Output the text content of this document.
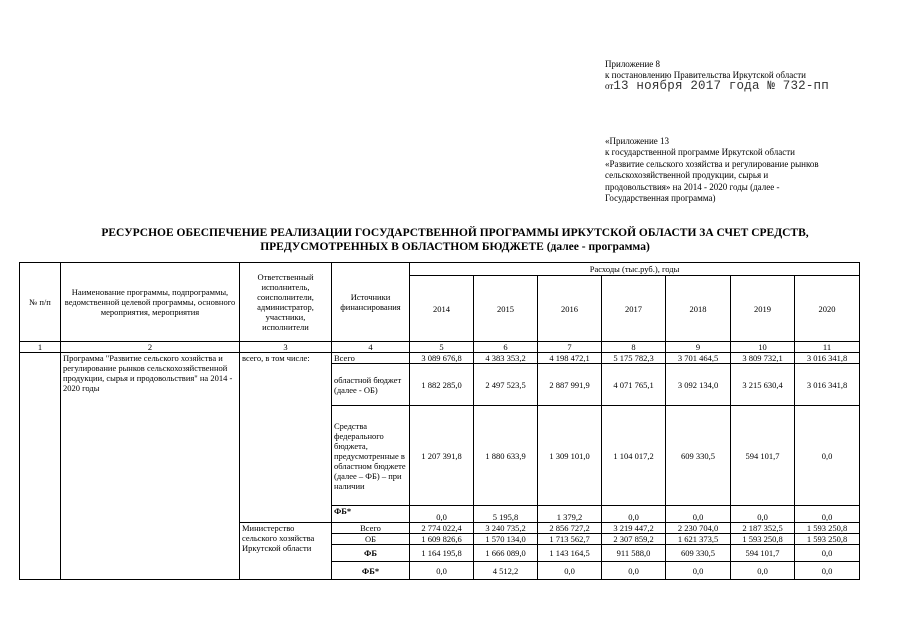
Приложение 8
к постановлению Правительства Иркутской области
от13 ноября 2017 года № 732-пп
«Приложение 13
к государственной программе Иркутской области
«Развитие сельского хозяйства и регулирование рынков
сельскохозяйственной продукции, сырья и
продовольствия» на 2014 - 2020 годы (далее -
Государственная программа)
РЕСУРСНОЕ ОБЕСПЕЧЕНИЕ РЕАЛИЗАЦИИ ГОСУДАРСТВЕННОЙ ПРОГРАММЫ ИРКУТСКОЙ ОБЛАСТИ ЗА СЧЕТ СРЕДСТВ,
ПРЕДУСМОТРЕННЫХ В ОБЛАСТНОМ БЮДЖЕТЕ (далее - программа)
№ п/п	Наименование программы, подпрограммы, ведомственной целевой программы, основного мероприятия, мероприятия	Ответственный исполнитель, соисполнители, администратор, участники, исполнители	Источники финансирования	Расходы (тыс.руб.), годы						
				2014	2015	2016	2017	2018	2019	2020
1	2	3	4	5	6	7	8	9	10	11
	Программа "Развитие сельского хозяйства и регулирование рынков сельскохозяйственной продукции, сырья и продовольствия" на 2014 - 2020 годы	всего, в том числе:	Всего	3 089 676,8	4 383 353,2	4 198 472,1	5 175 782,3	3 701 464,5	3 809 732,1	3 016 341,8
			областной бюджет (далее - ОБ)	1 882 285,0	2 497 523,5	2 887 991,9	4 071 765,1	3 092 134,0	3 215 630,4	3 016 341,8
			Средства федерального бюджета, предусмотренные в областном бюджете (далее – ФБ) – при наличии	1 207 391,8	1 880 633,9	1 309 101,0	1 104 017,2	609 330,5	594 101,7	0,0
			ФБ*	0,0	5 195,8	1 379,2	0,0	0,0	0,0	0,0
		Министерство сельского хозяйства Иркутской области	Всего	2 774 022,4	3 240 735,2	2 856 727,2	3 219 447,2	2 230 704,0	2 187 352,5	1 593 250,8
			ОБ	1 609 826,6	1 570 134,0	1 713 562,7	2 307 859,2	1 621 373,5	1 593 250,8	1 593 250,8
			ФБ	1 164 195,8	1 666 089,0	1 143 164,5	911 588,0	609 330,5	594 101,7	0,0
			ФБ*	0,0	4 512,2	0,0	0,0	0,0	0,0	0,0
